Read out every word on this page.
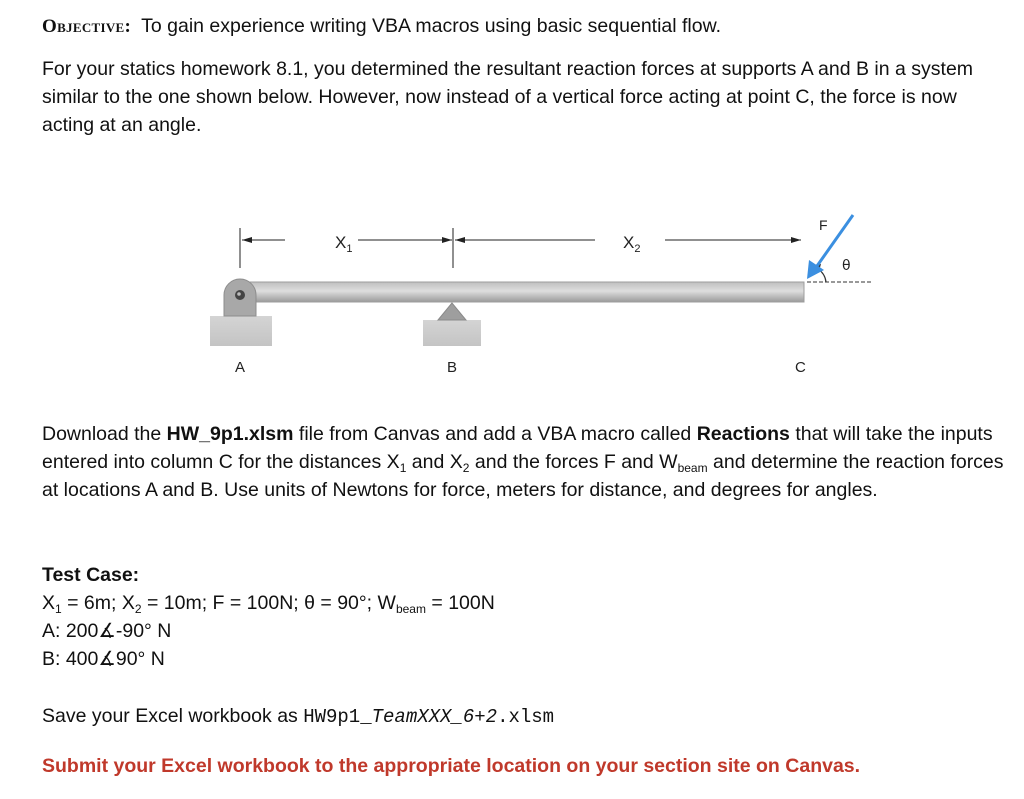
Objective: To gain experience writing VBA macros using basic sequential flow.
For your statics homework 8.1, you determined the resultant reaction forces at supports A and B in a system similar to the one shown below. However, now instead of a vertical force acting at point C, the force is now acting at an angle.
$X_1$	$X_2$
F
θ
A	B	C
Download the HW_9p1.xlsm file from Canvas and add a VBA macro called Reactions that will take the inputs entered into column C for the distances $X_1$ and $X_2$ and the forces F and $W_{beam}$ and determine the reaction forces at locations A and B. Use units of Newtons for force, meters for distance, and degrees for angles.
Test Case:
$X_1 = 6m$; $X_2 = 10m$; F = 100N; θ = 90°; $W_{beam} = 100N$
A: 200∡-90° N
B: 400∡90° N
Save your Excel workbook as HW9p1_TeamXXX_6+2.xlsm
Submit your Excel workbook to the appropriate location on your section site on Canvas.
